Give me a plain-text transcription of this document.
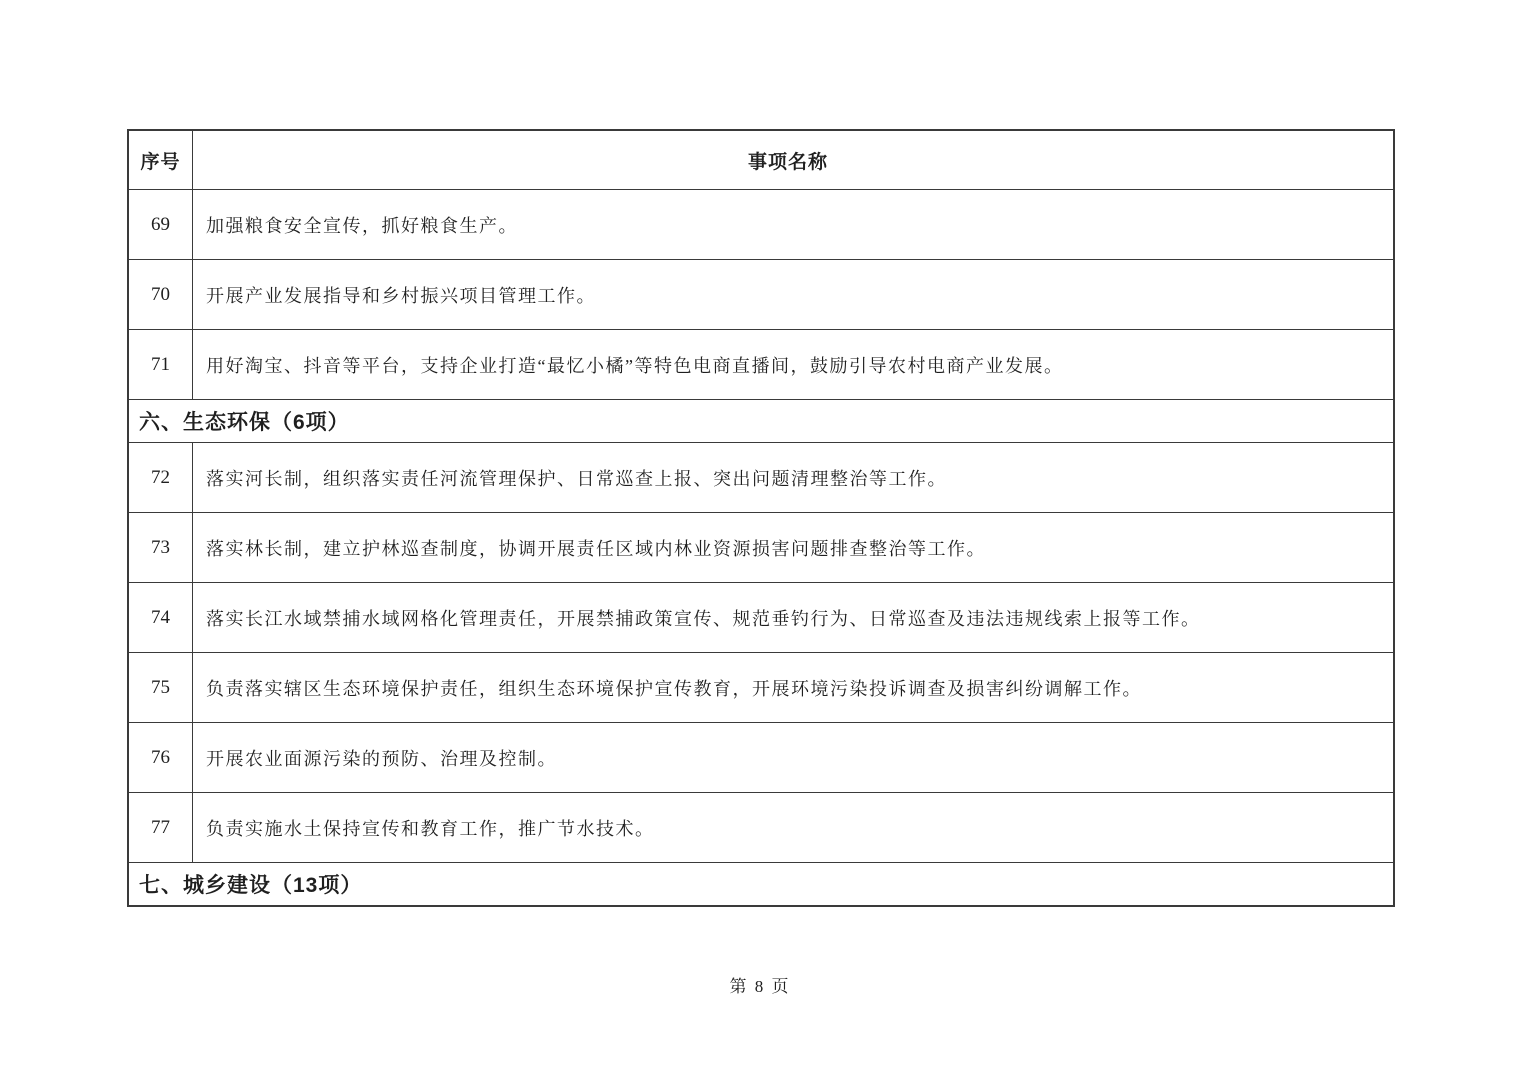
序号	事项名称
69	加强粮食安全宣传，抓好粮食生产。
70	开展产业发展指导和乡村振兴项目管理工作。
71	用好淘宝、抖音等平台，支持企业打造“最忆小橘”等特色电商直播间，鼓励引导农村电商产业发展。
六、生态环保（6项）
72	落实河长制，组织落实责任河流管理保护、日常巡查上报、突出问题清理整治等工作。
73	落实林长制，建立护林巡查制度，协调开展责任区域内林业资源损害问题排查整治等工作。
74	落实长江水域禁捕水域网格化管理责任，开展禁捕政策宣传、规范垂钓行为、日常巡查及违法违规线索上报等工作。
75	负责落实辖区生态环境保护责任，组织生态环境保护宣传教育，开展环境污染投诉调查及损害纠纷调解工作。
76	开展农业面源污染的预防、治理及控制。
77	负责实施水土保持宣传和教育工作，推广节水技术。
七、城乡建设（13项）
第 8 页
